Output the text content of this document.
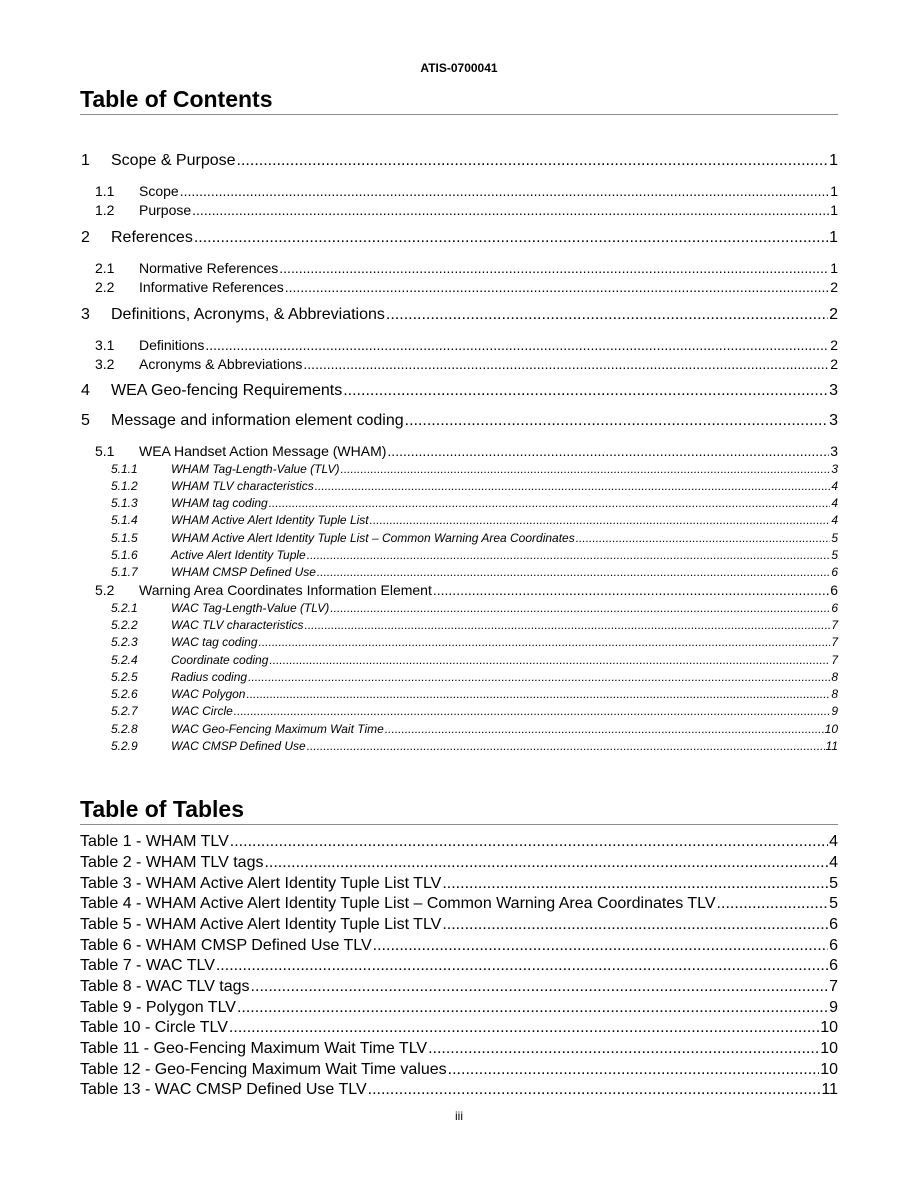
ATIS-0700041
Table of Contents
1	Scope & Purpose .....	1
1.1	Scope .....	1
1.2	Purpose .....	1
2	References .....	1
2.1	Normative References .....	1
2.2	Informative References .....	2
3	Definitions, Acronyms, & Abbreviations .....	2
3.1	Definitions .....	2
3.2	Acronyms & Abbreviations .....	2
4	WEA Geo-fencing Requirements .....	3
5	Message and information element coding .....	3
5.1	WEA Handset Action Message (WHAM) .....	3
5.1.1	WHAM Tag-Length-Value (TLV) .....	3
5.1.2	WHAM TLV characteristics .....	4
5.1.3	WHAM tag coding .....	4
5.1.4	WHAM Active Alert Identity Tuple List .....	4
5.1.5	WHAM Active Alert Identity Tuple List – Common Warning Area Coordinates .....	5
5.1.6	Active Alert Identity Tuple .....	5
5.1.7	WHAM CMSP Defined Use .....	6
5.2	Warning Area Coordinates Information Element .....	6
5.2.1	WAC Tag-Length-Value (TLV) .....	6
5.2.2	WAC TLV characteristics .....	7
5.2.3	WAC tag coding .....	7
5.2.4	Coordinate coding .....	7
5.2.5	Radius coding .....	8
5.2.6	WAC Polygon .....	8
5.2.7	WAC Circle .....	9
5.2.8	WAC Geo-Fencing Maximum Wait Time .....	10
5.2.9	WAC CMSP Defined Use .....	11
Table of Tables
Table 1 - WHAM TLV .....	4
Table 2 - WHAM TLV tags .....	4
Table 3 - WHAM Active Alert Identity Tuple List TLV .....	5
Table 4 - WHAM Active Alert Identity Tuple List – Common Warning Area Coordinates TLV .....	5
Table 5 - WHAM Active Alert Identity Tuple List TLV .....	6
Table 6 - WHAM CMSP Defined Use TLV .....	6
Table 7 - WAC TLV .....	6
Table 8 - WAC TLV tags .....	7
Table 9 - Polygon TLV .....	9
Table 10 - Circle TLV .....	10
Table 11 - Geo-Fencing Maximum Wait Time TLV .....	10
Table 12 - Geo-Fencing Maximum Wait Time values .....	10
Table 13 - WAC CMSP Defined Use TLV .....	11
iii
